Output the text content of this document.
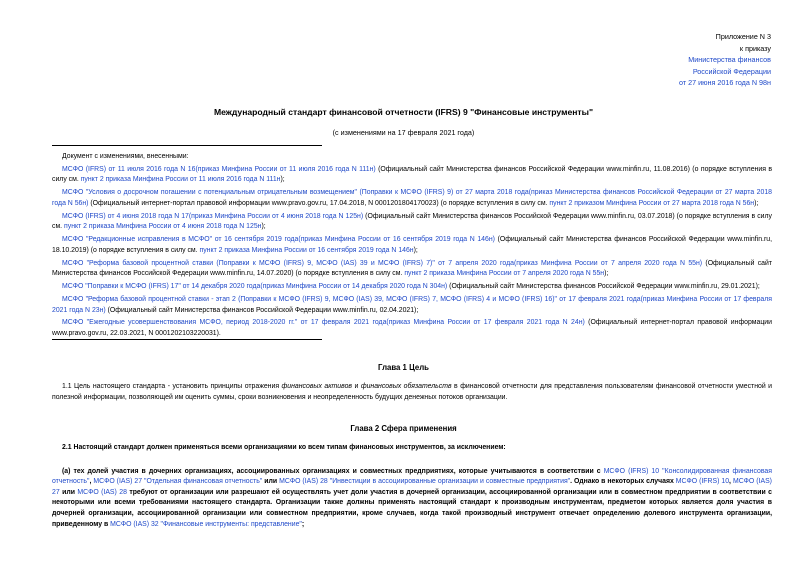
Приложение N 3
к приказу
Министерства финансов
Российской Федерации
от 27 июня 2016 года N 98н
Международный стандарт финансовой отчетности (IFRS) 9 "Финансовые инструменты"
(с изменениями на 17 февраля 2021 года)

Документ с изменениями, внесенными:

МСФО (IFRS) от 11 июля 2016 года N 16(приказ Минфина России от 11 июля 2016 года N 111н) (Официальный сайт Министерства финансов Российской Федерации www.minfin.ru, 11.08.2016) (о порядке вступления в силу см. пункт 2 приказа Минфина России от 11 июля 2016 года N 111н);

МСФО "Условия о досрочном погашении с потенциальным отрицательным возмещением" (Поправки к МСФО (IFRS) 9) от 27 марта 2018 года(приказ Министерства финансов Российской Федерации от 27 марта 2018 года N 56н) (Официальный интернет-портал правовой информации www.pravo.gov.ru, 17.04.2018, N 0001201804170023) (о порядке вступления в силу см. пункт 2 приказом Минфина России от 27 марта 2018 года N 56н);

МСФО (IFRS) от 4 июня 2018 года N 17(приказ Минфина России от 4 июня 2018 года N 125н) (Официальный сайт Министерства финансов Российской Федерации www.minfin.ru, 03.07.2018) (о порядке вступления в силу см. пункт 2 приказа Минфина России от 4 июня 2018 года N 125н);

МСФО "Редакционные исправления в МСФО" от 16 сентября 2019 года(приказ Минфина России от 16 сентября 2019 года N 146н) (Официальный сайт Министерства финансов Российской Федерации www.minfin.ru, 18.10.2019) (о порядке вступления в силу см. пункт 2 приказа Минфина России от 16 сентября 2019 года N 146н);

МСФО "Реформа базовой процентной ставки (Поправки к МСФО (IFRS) 9, МСФО (IAS) 39 и МСФО (IFRS) 7)" от 7 апреля 2020 года(приказ Минфина России от 7 апреля 2020 года N 55н) (Официальный сайт Министерства финансов Российской Федерации www.minfin.ru, 14.07.2020) (о порядке вступления в силу см. пункт 2 приказа Минфина России от 7 апреля 2020 года N 55н);

МСФО "Поправки к МСФО (IFRS) 17" от 14 декабря 2020 года(приказ Минфина России от 14 декабря 2020 года N 304н) (Официальный сайт Министерства финансов Российской Федерации www.minfin.ru, 29.01.2021);

МСФО "Реформа базовой процентной ставки - этап 2 (Поправки к МСФО (IFRS) 9, МСФО (IAS) 39, МСФО (IFRS) 7, МСФО (IFRS) 4 и МСФО (IFRS) 16)" от 17 февраля 2021 года(приказ Минфина России от 17 февраля 2021 года N 23н) (Официальный сайт Министерства финансов Российской Федерации www.minfin.ru, 02.04.2021);

МСФО "Ежегодные усовершенствования МСФО, период 2018-2020 гг." от 17 февраля 2021 года(приказ Минфина России от 17 февраля 2021 года N 24н) (Официальный интернет-портал правовой информации www.pravo.gov.ru, 22.03.2021, N 0001202103220031).

Глава 1 Цель

1.1 Цель настоящего стандарта - установить принципы отражения финансовых активов и финансовых обязательств в финансовой отчетности для представления пользователям финансовой отчетности уместной и полезной информации, позволяющей им оценить суммы, сроки возникновения и неопределенность будущих денежных потоков организации.

Глава 2 Сфера применения

2.1 Настоящий стандарт должен применяться всеми организациями ко всем типам финансовых инструментов, за исключением:

(а) тех долей участия в дочерних организациях, ассоциированных организациях и совместных предприятиях, которые учитываются в соответствии с МСФО (IFRS) 10 "Консолидированная финансовая отчетность", МСФО (IAS) 27 "Отдельная финансовая отчетность" или МСФО (IAS) 28 "Инвестиции в ассоциированные организации и совместные предприятия". Однако в некоторых случаях МСФО (IFRS) 10, МСФО (IAS) 27 или МСФО (IAS) 28 требуют от организации или разрешают ей осуществлять учет доли участия в дочерней организации, ассоциированной организации или в совместном предприятии в соответствии с некоторыми или всеми требованиями настоящего стандарта. Организации также должны применять настоящий стандарт к производным инструментам, предметом которых является доля участия в дочерней организации, ассоциированной организации или совместном предприятии, кроме случаев, когда такой производный инструмент отвечает определению долевого инструмента организации, приведенному в МСФО (IAS) 32 "Финансовые инструменты: представление";
